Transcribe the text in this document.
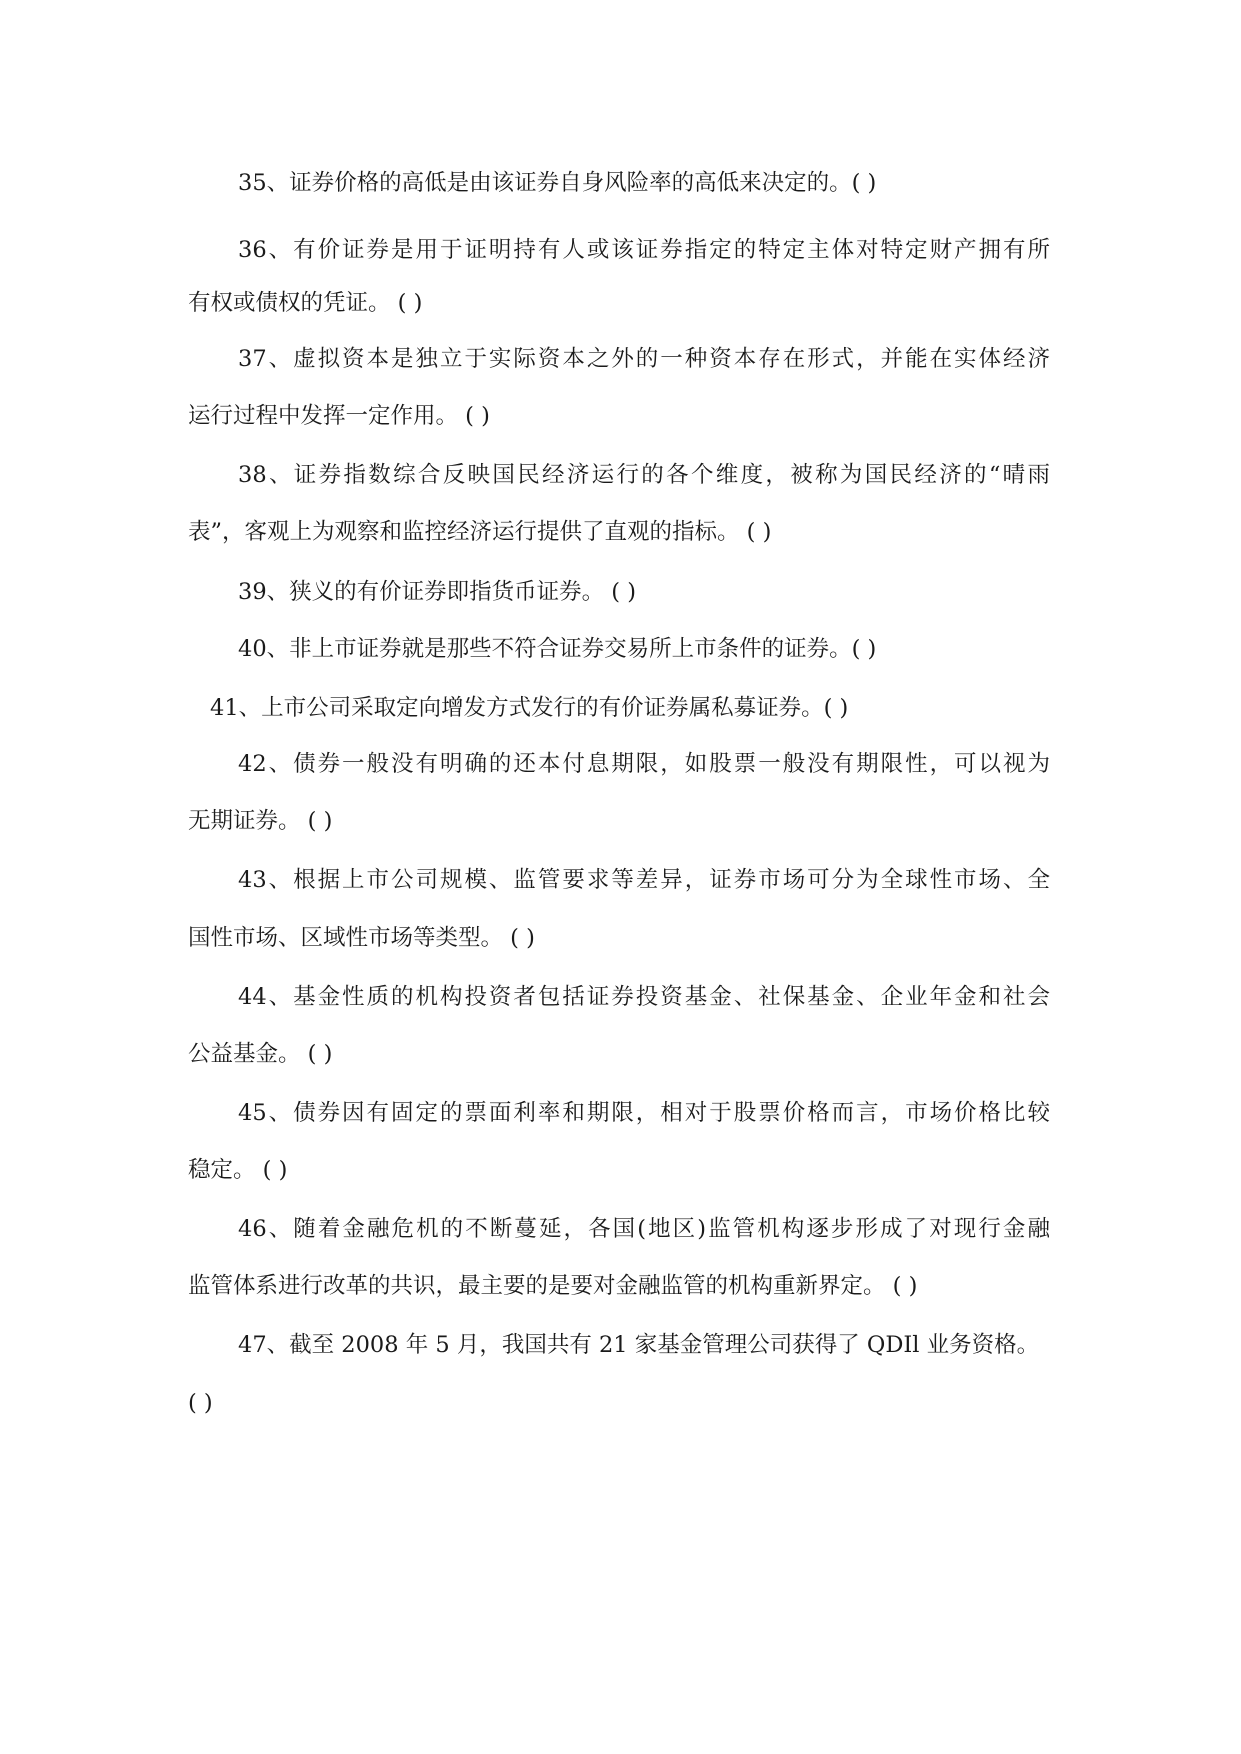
35、证券价格的高低是由该证券自身风险率的高低来决定的。( )
36、有价证券是用于证明持有人或该证券指定的特定主体对特定财产拥有所
有权或债权的凭证。 ( )
37、虚拟资本是独立于实际资本之外的一种资本存在形式，并能在实体经济
运行过程中发挥一定作用。 ( )
38、证券指数综合反映国民经济运行的各个维度，被称为国民经济的“晴雨
表”，客观上为观察和监控经济运行提供了直观的指标。 ( )
39、狭义的有价证券即指货币证券。 ( )
40、非上市证券就是那些不符合证券交易所上市条件的证券。( )
41、上市公司采取定向增发方式发行的有价证券属私募证券。( )
42、债券一般没有明确的还本付息期限，如股票一般没有期限性，可以视为
无期证券。 ( )
43、根据上市公司规模、监管要求等差异，证券市场可分为全球性市场、全
国性市场、区域性市场等类型。 ( )
44、基金性质的机构投资者包括证券投资基金、社保基金、企业年金和社会
公益基金。 ( )
45、债券因有固定的票面利率和期限，相对于股票价格而言，市场价格比较
稳定。 ( )
46、随着金融危机的不断蔓延，各国(地区)监管机构逐步形成了对现行金融
监管体系进行改革的共识，最主要的是要对金融监管的机构重新界定。 ( )
47、截至 2008 年 5 月，我国共有 21 家基金管理公司获得了 QDIl 业务资格。
( )
